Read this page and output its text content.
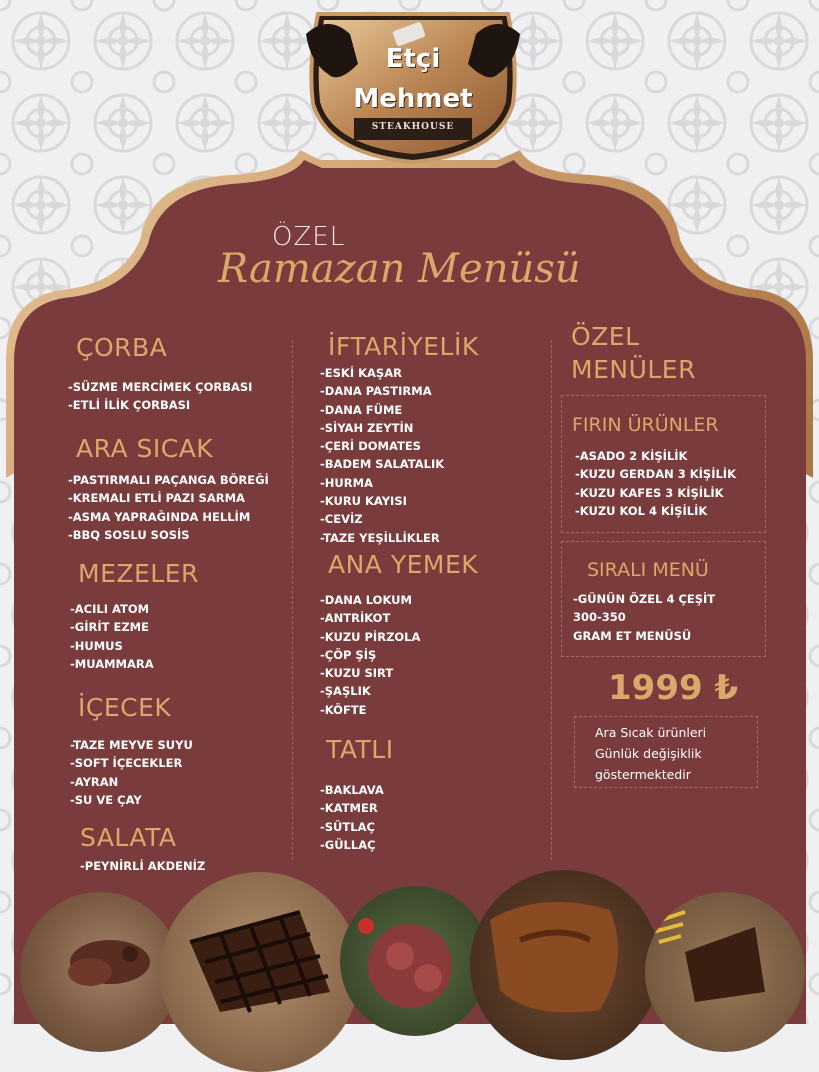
Etçi
Mehmet
STEAKHOUSE
ÖZEL
Ramazan Menüsü
ÇORBA
-SÜZME MERCİMEK ÇORBASI
-ETLİ İLİK ÇORBASI
ARA SICAK
-PASTIRMALI PAÇANGA BÖREĞİ
-KREMALI ETLİ PAZI SARMA
-ASMA YAPRAĞINDA HELLİM
-BBQ SOSLU SOSİS
MEZELER
-ACILI ATOM
-GİRİT EZME
-HUMUS
-MUAMMARA
İÇECEK
-TAZE MEYVE SUYU
-SOFT İÇECEKLER
-AYRAN
-SU VE ÇAY
SALATA
-PEYNİRLİ AKDENİZ
İFTARİYELİK
-ESKİ KAŞAR
-DANA PASTIRMA
-DANA FÜME
-SİYAH ZEYTİN
-ÇERİ DOMATES
-BADEM SALATALIK
-HURMA
-KURU KAYISI
-CEVİZ
-TAZE YEŞİLLİKLER
ANA YEMEK
-DANA LOKUM
-ANTRİKOT
-KUZU PİRZOLA
-ÇÖP ŞİŞ
-KUZU SIRT
-ŞAŞLIK
-KÖFTE
TATLI
-BAKLAVA
-KATMER
-SÜTLAÇ
-GÜLLAÇ
ÖZEL
MENÜLER
FIRIN ÜRÜNLER
-ASADO 2 KİŞİLİK
-KUZU GERDAN 3 KİŞİLİK
-KUZU KAFES 3 KİŞİLİK
-KUZU KOL 4 KİŞİLİK
SIRALI MENÜ
-GÜNÜN ÖZEL 4 ÇEŞİT
300-350
GRAM ET MENÜSÜ
1999 ₺
Ara Sıcak ürünleri
Günlük değişiklik
göstermektedir
